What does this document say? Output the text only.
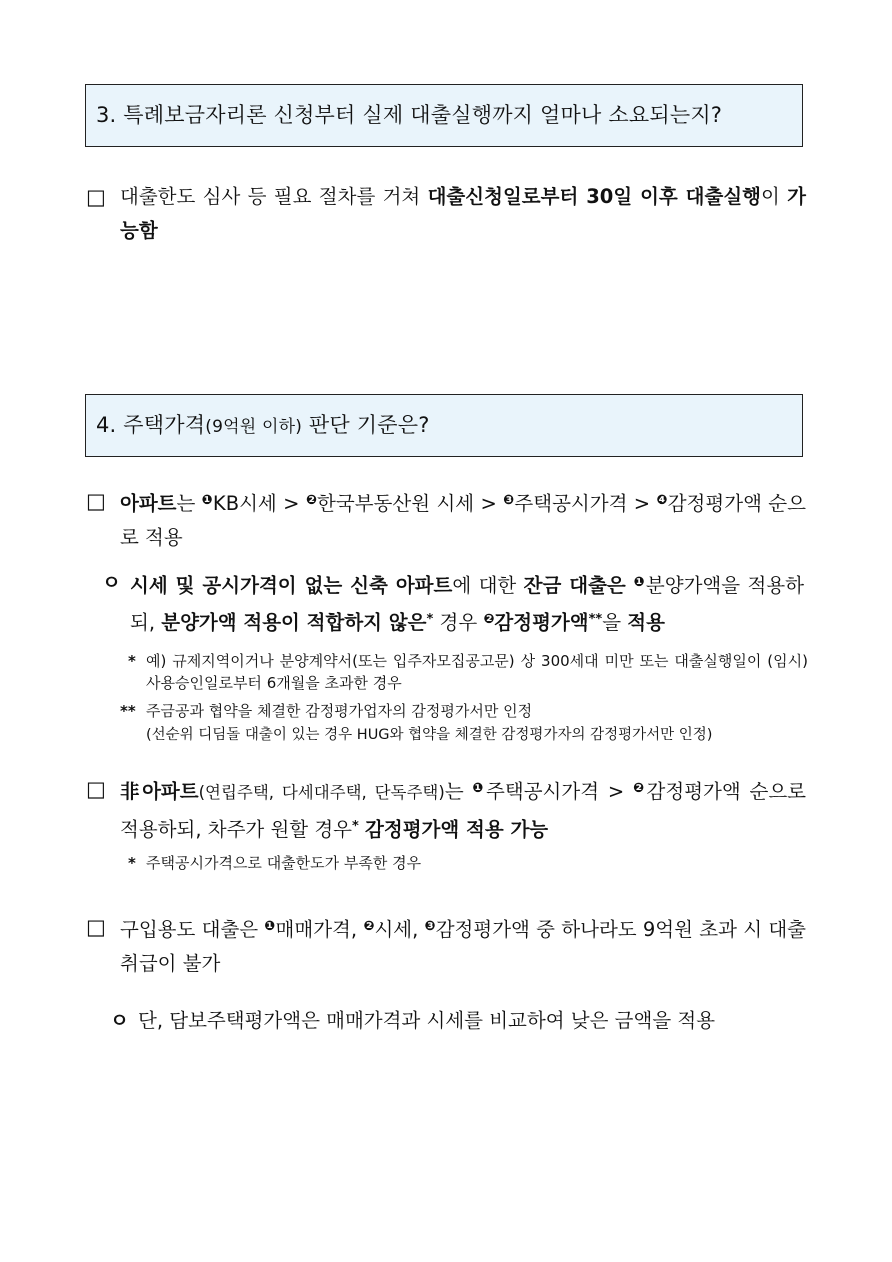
3. 특례보금자리론 신청부터 실제 대출실행까지 얼마나 소요되는지?
□ 대출한도 심사 등 필요 절차를 거쳐 대출신청일로부터 30일 이후 대출실행이 가능함
4. 주택가격(9억원 이하) 판단 기준은?
□ 아파트는 $^❶$KB시세 > $^❷$한국부동산원 시세 > $^❸$주택공시가격 > $^❹$감정평가액 순으로 적용
ㅇ 시세 및 공시가격이 없는 신축 아파트에 대한 잔금 대출은 $^❶$분양가액을 적용하되, 분양가액 적용이 적합하지 않은* 경우 $^❷$감정평가액**을 적용
* 예) 규제지역이거나 분양계약서(또는 입주자모집공고문) 상 300세대 미만 또는 대출실행일이 (임시)사용승인일로부터 6개월을 초과한 경우
** 주금공과 협약을 체결한 감정평가업자의 감정평가서만 인정
(선순위 디딤돌 대출이 있는 경우 HUG와 협약을 체결한 감정평가자의 감정평가서만 인정)
□ 非아파트(연립주택, 다세대주택, 단독주택)는 $^❶$주택공시가격 > $^❷$감정평가액 순으로 적용하되, 차주가 원할 경우* 감정평가액 적용 가능
* 주택공시가격으로 대출한도가 부족한 경우
□ 구입용도 대출은 $^❶$매매가격, $^❷$시세, $^❸$감정평가액 중 하나라도 9억원 초과 시 대출 취급이 불가
ㅇ 단, 담보주택평가액은 매매가격과 시세를 비교하여 낮은 금액을 적용
